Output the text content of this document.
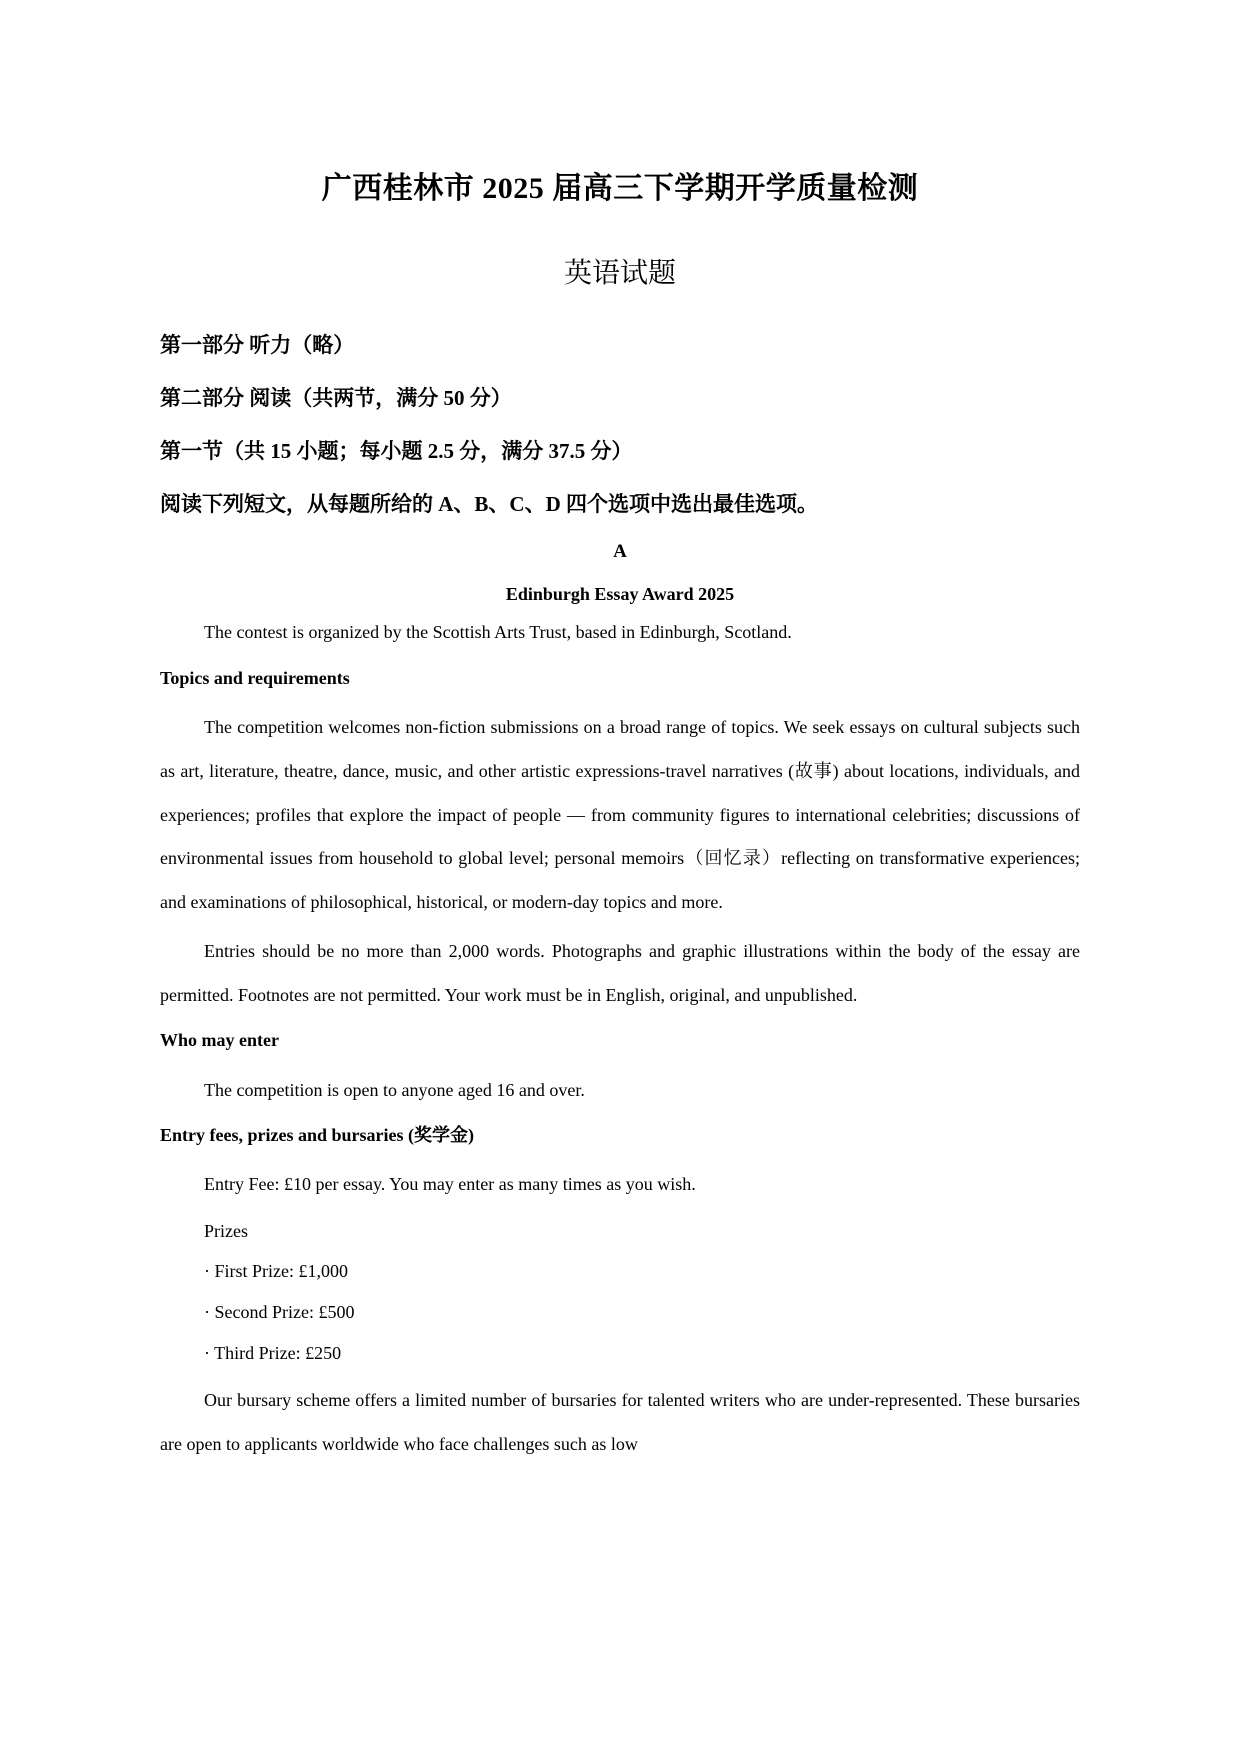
广西桂林市 2025 届高三下学期开学质量检测
英语试题

第一部分 听力（略）

第二部分 阅读（共两节，满分 50 分）

第一节（共 15 小题；每小题 2.5 分，满分 37.5 分）

阅读下列短文，从每题所给的 A、B、C、D 四个选项中选出最佳选项。

A

Edinburgh Essay Award 2025

The contest is organized by the Scottish Arts Trust, based in Edinburgh, Scotland.

Topics and requirements

The competition welcomes non-fiction submissions on a broad range of topics. We seek essays on cultural subjects such as art, literature, theatre, dance, music, and other artistic expressions-travel narratives (故事) about locations, individuals, and experiences; profiles that explore the impact of people — from community figures to international celebrities; discussions of environmental issues from household to global level; personal memoirs（回忆录）reflecting on transformative experiences; and examinations of philosophical, historical, or modern-day topics and more.

Entries should be no more than 2,000 words. Photographs and graphic illustrations within the body of the essay are permitted. Footnotes are not permitted. Your work must be in English, original, and unpublished.

Who may enter

The competition is open to anyone aged 16 and over.

Entry fees, prizes and bursaries (奖学金)

Entry Fee: £10 per essay. You may enter as many times as you wish.

Prizes

· First Prize: £1,000

· Second Prize: £500

· Third Prize: £250

Our bursary scheme offers a limited number of bursaries for talented writers who are under-represented. These bursaries are open to applicants worldwide who face challenges such as low
